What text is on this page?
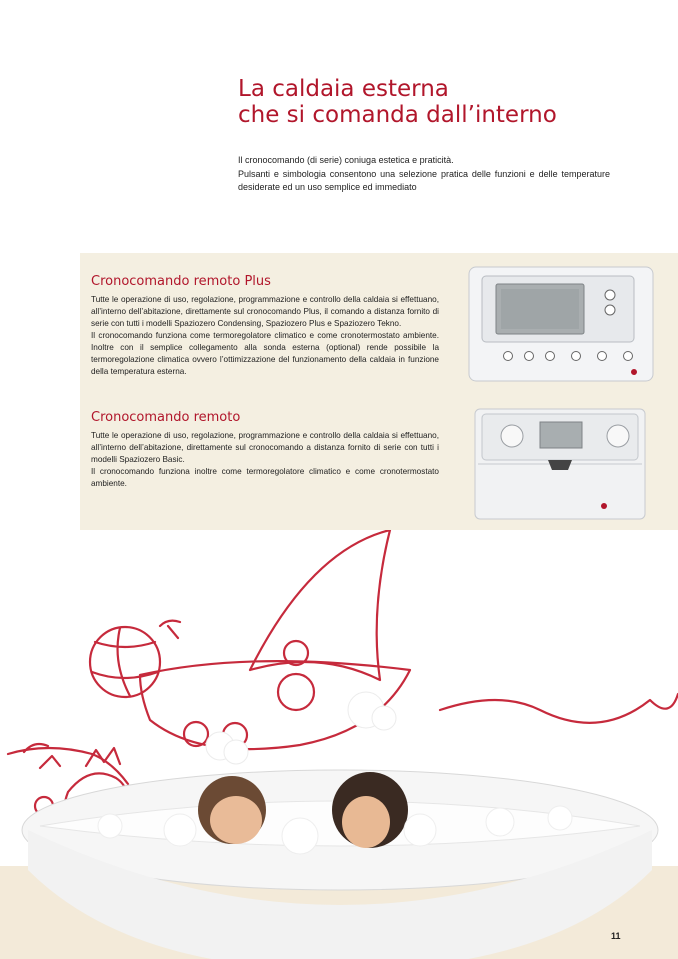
La caldaia esterna
che si comanda dall’interno

Il cronocomando (di serie) coniuga estetica e praticità.

Pulsanti e simbologia consentono una selezione pratica delle funzioni e delle temperature desiderate ed un uso semplice ed immediato

Cronocomando remoto Plus

Tutte le operazione di uso, regolazione, programmazione e controllo della caldaia si effettuano, all’interno dell’abitazione, direttamente sul cronocomando Plus, il comando a distanza fornito di serie con tutti i modelli Spaziozero Condensing, Spaziozero Plus e Spaziozero Tekno.

Il cronocomando funziona come termoregolatore climatico e come cronotermostato ambiente. Inoltre con il semplice collegamento alla sonda esterna (optional) rende possibile la termoregolazione climatica ovvero l’ottimizzazione del funzionamento della caldaia in funzione della temperatura esterna.

Cronocomando remoto

Tutte le operazione di uso, regolazione, programmazione e controllo della caldaia si effettuano, all’interno dell’abitazione, direttamente sul cronocomando a distanza fornito di serie con tutti i modelli Spaziozero Basic.

Il cronocomando funziona inoltre come termoregolatore climatico e come cronotermostato ambiente.

11
